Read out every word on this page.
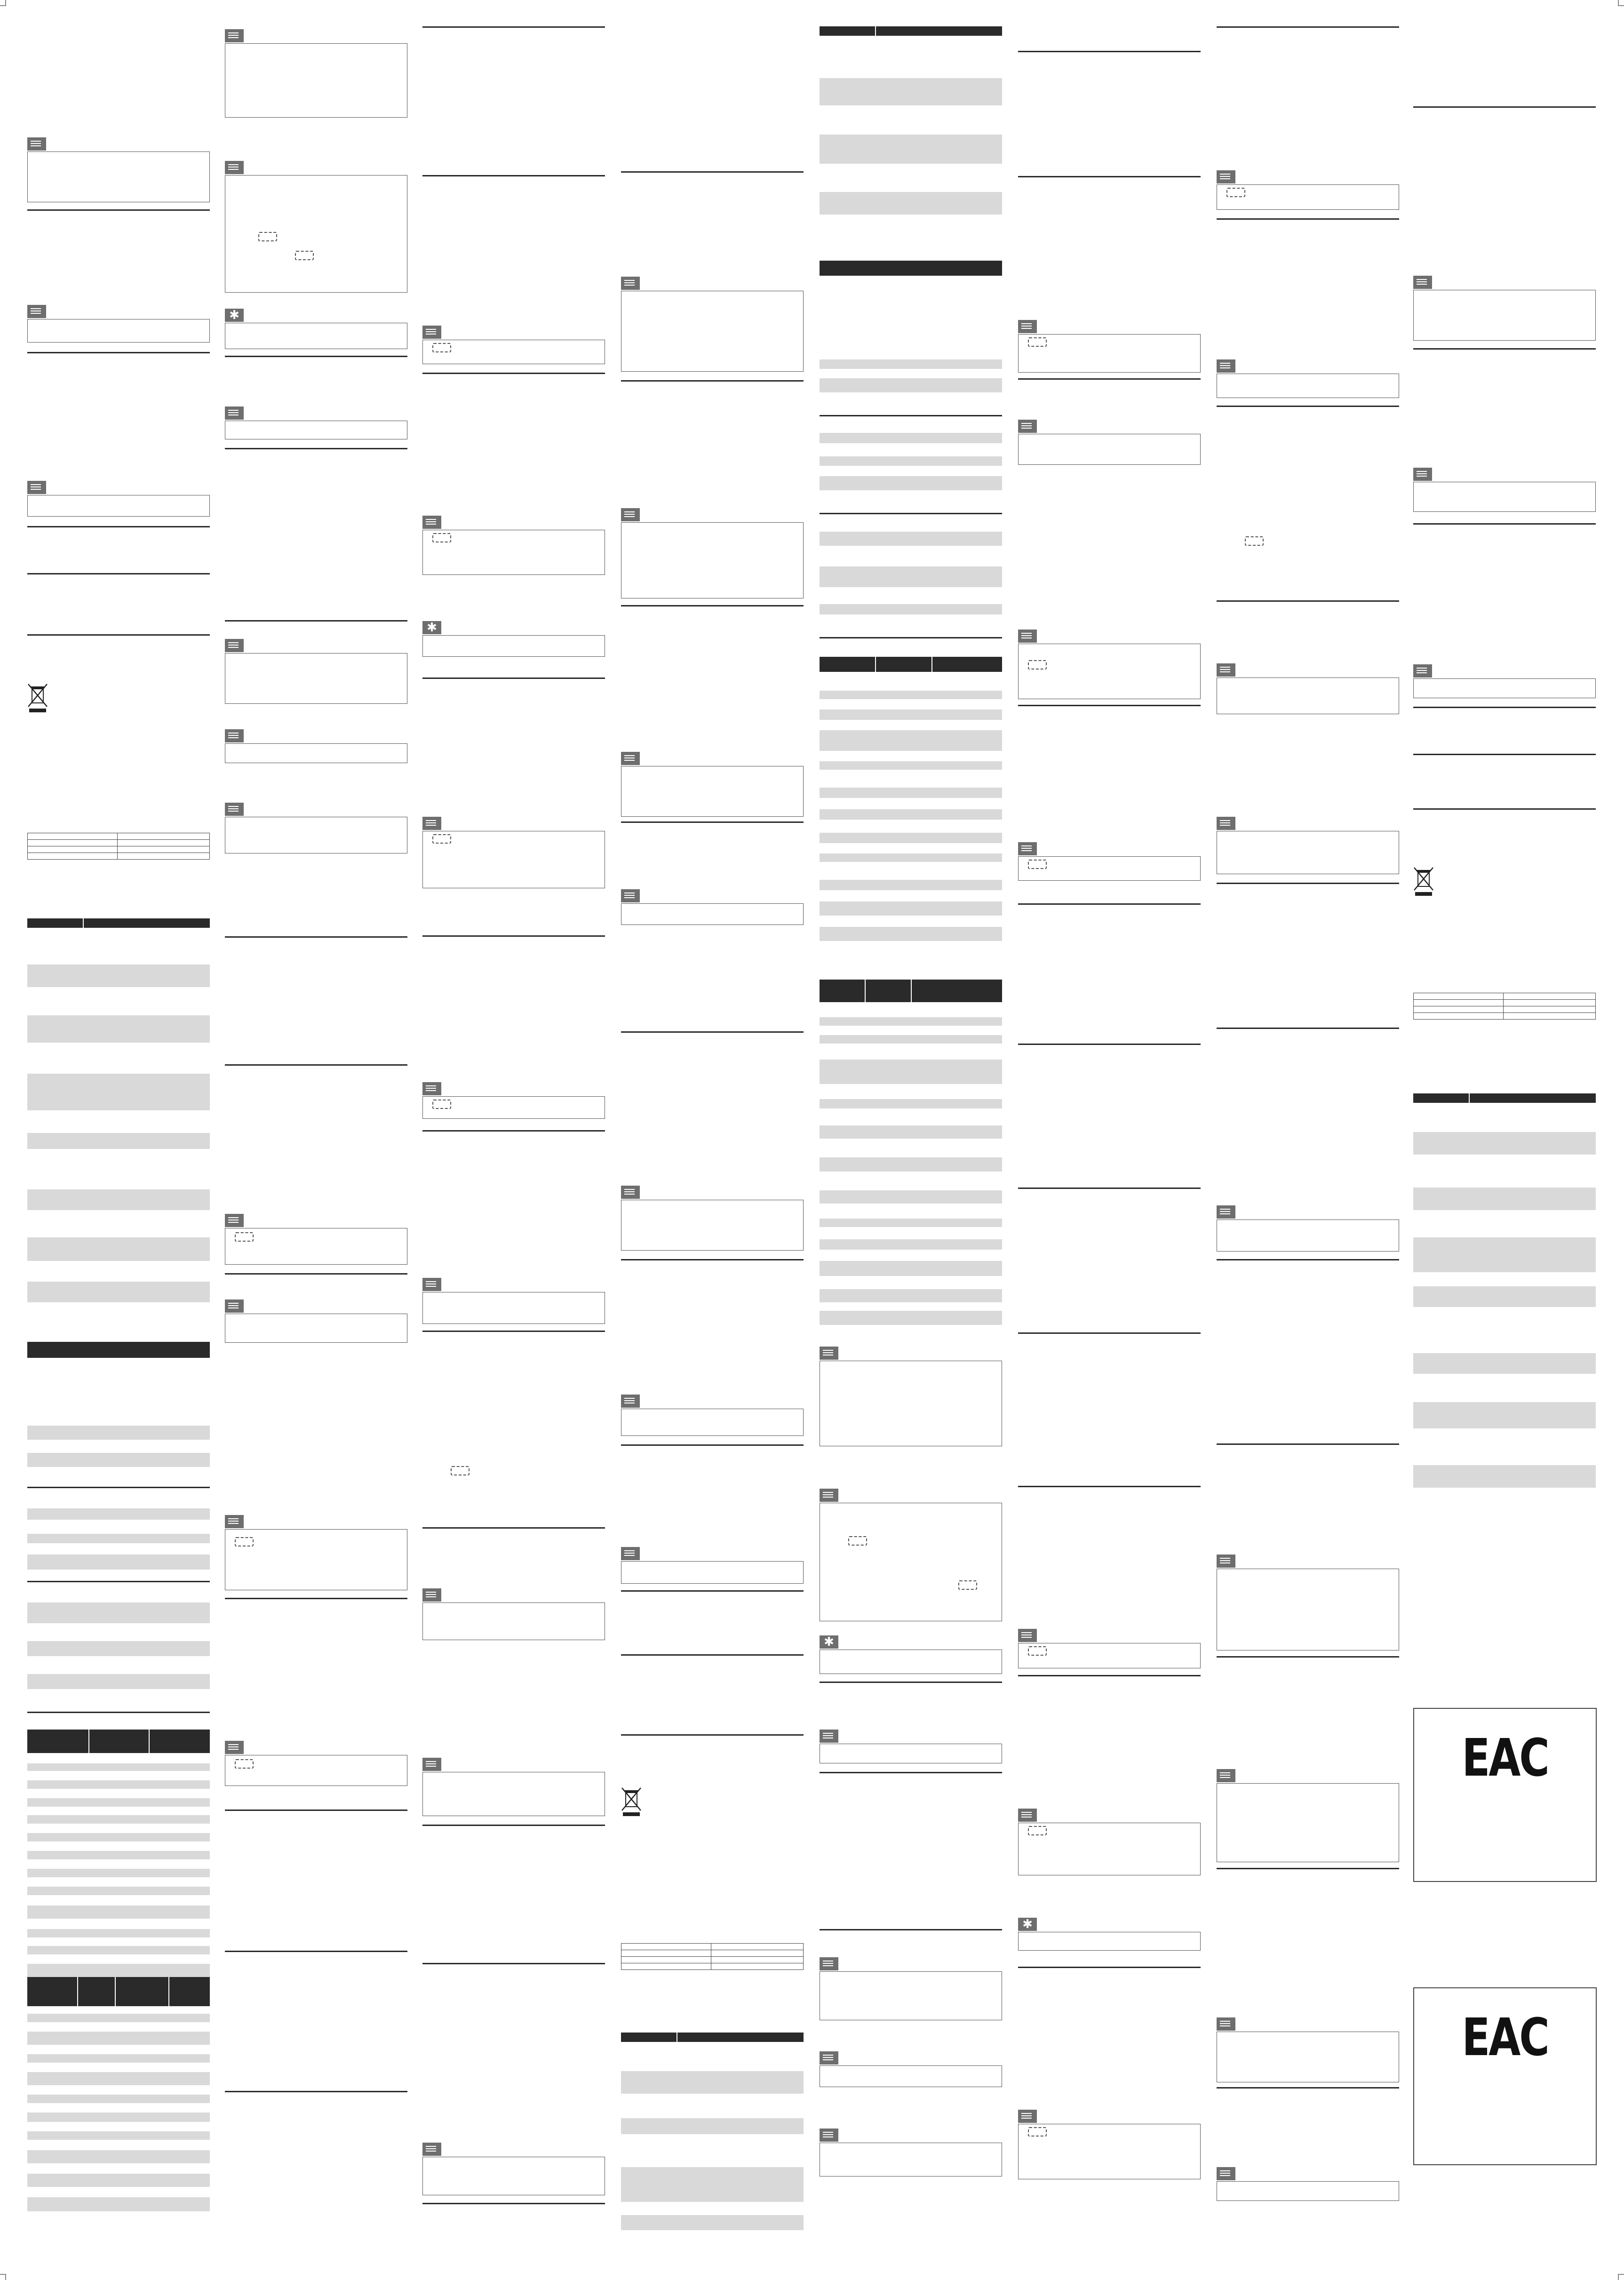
✱
✱
✱
✱
EAC
EAC
